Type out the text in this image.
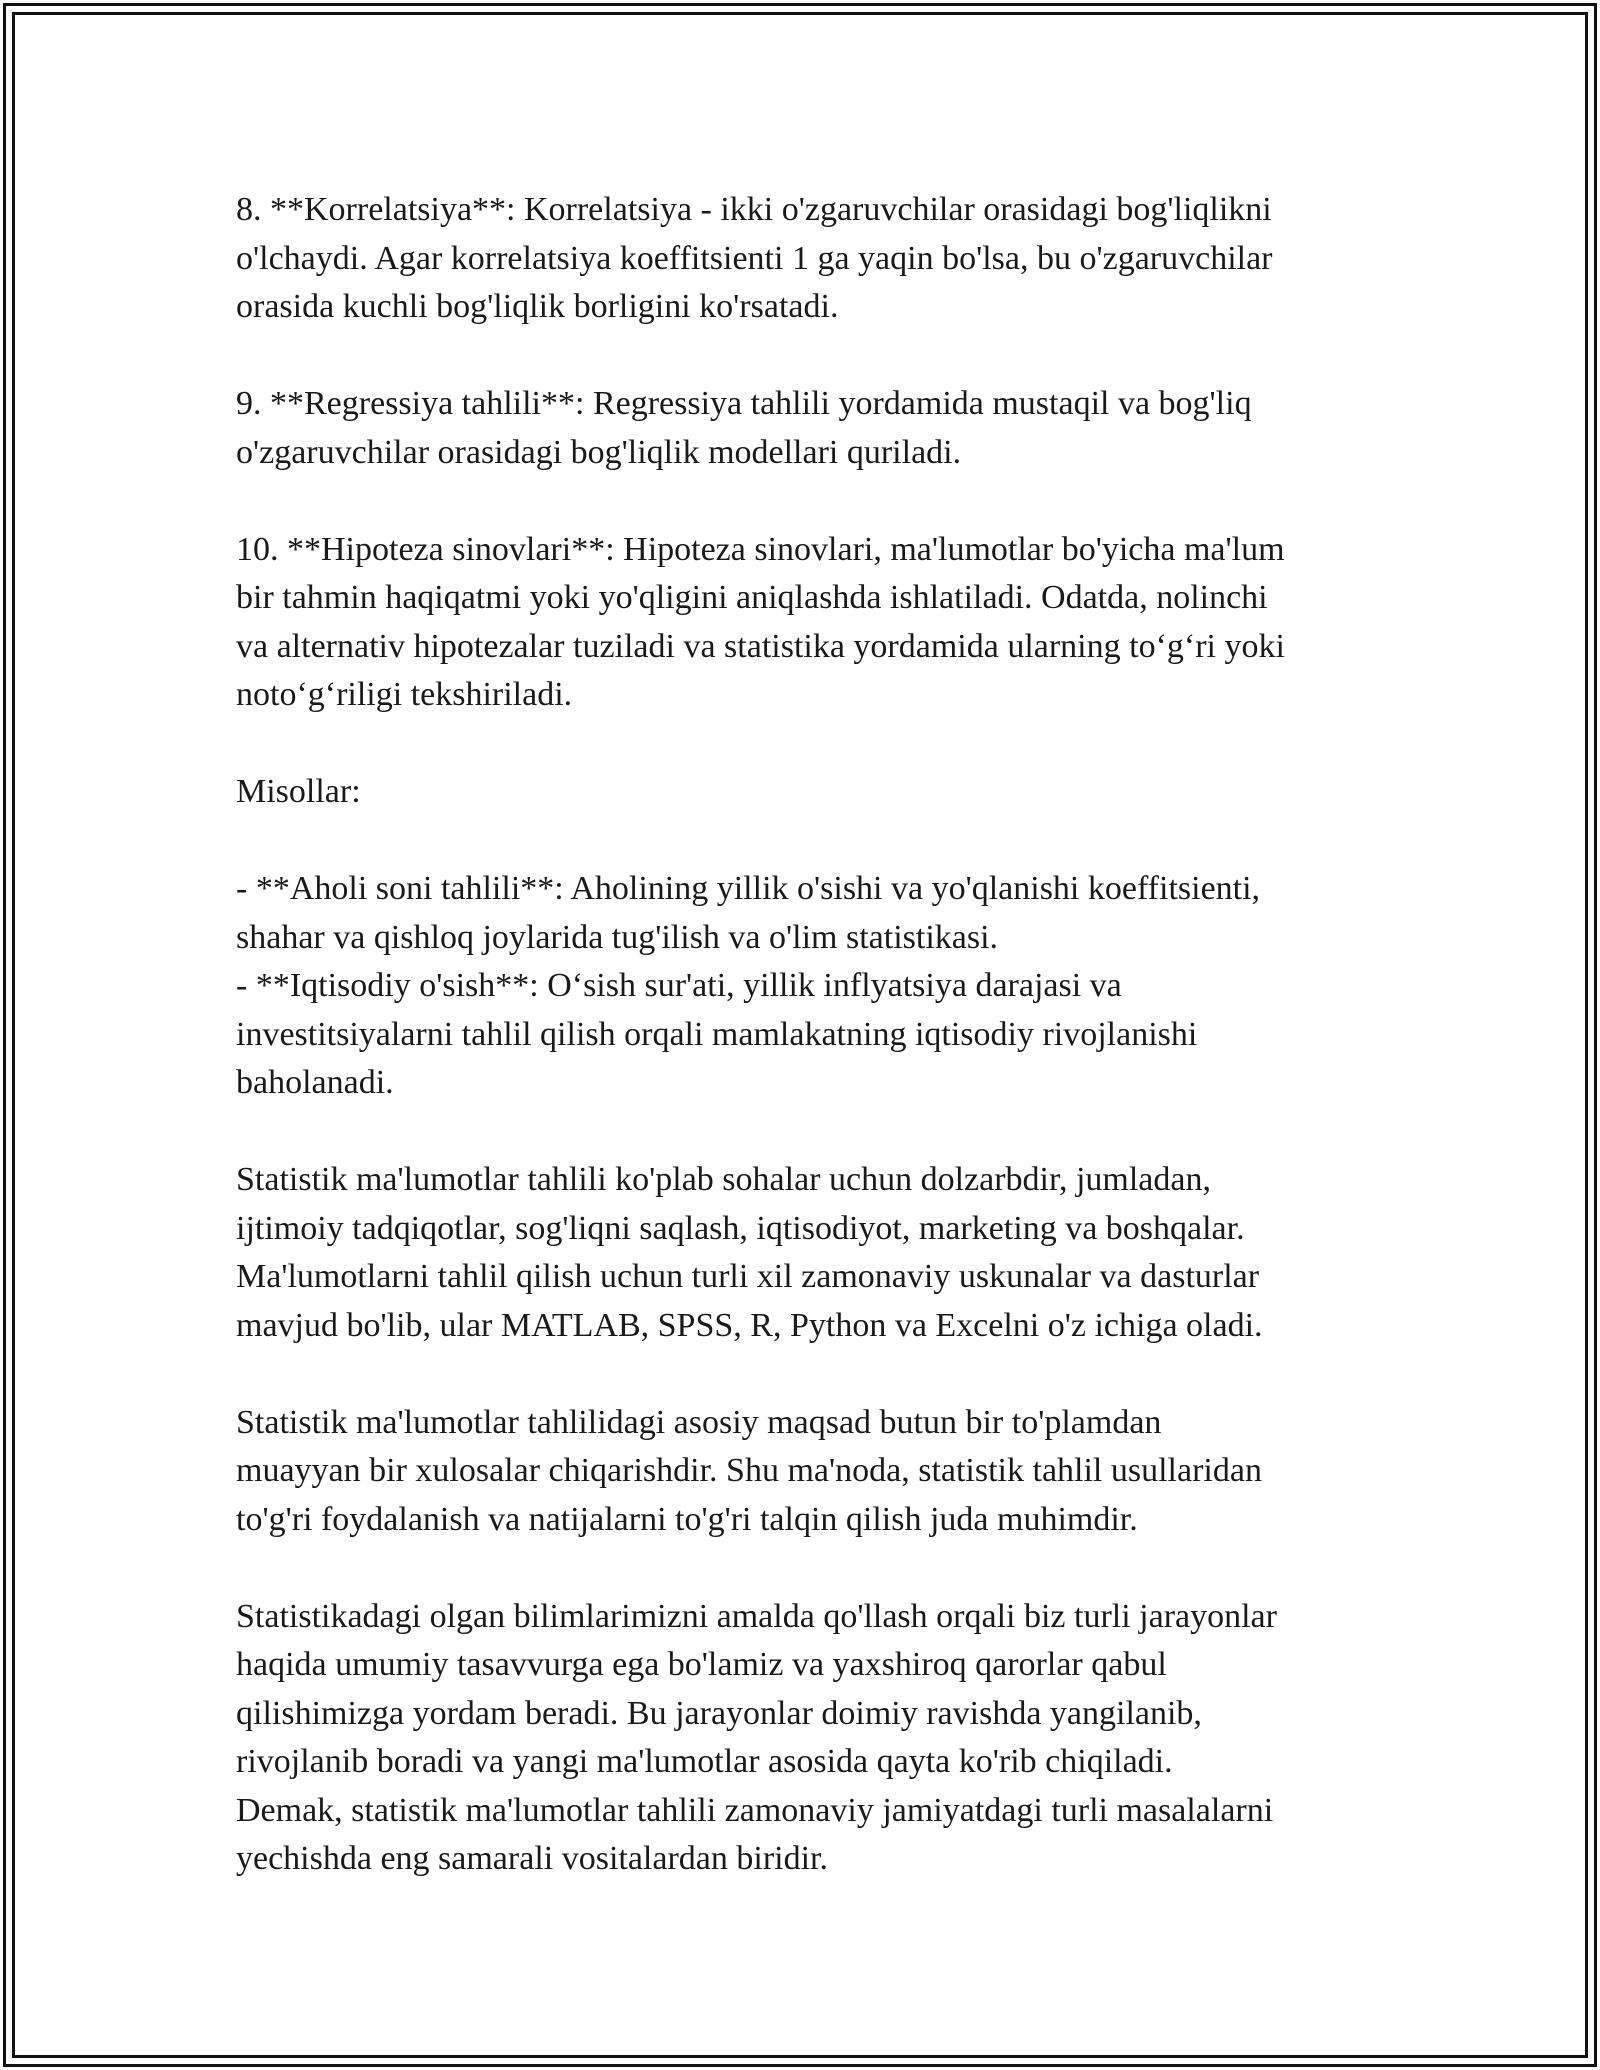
8. **Korrelatsiya**: Korrelatsiya - ikki o'zgaruvchilar orasidagi bog'liqlikni
o'lchaydi. Agar korrelatsiya koeffitsienti 1 ga yaqin bo'lsa, bu o'zgaruvchilar
orasida kuchli bog'liqlik borligini ko'rsatadi.

9. **Regressiya tahlili**: Regressiya tahlili yordamida mustaqil va bog'liq
o'zgaruvchilar orasidagi bog'liqlik modellari quriladi.

10. **Hipoteza sinovlari**: Hipoteza sinovlari, ma'lumotlar bo'yicha ma'lum
bir tahmin haqiqatmi yoki yo'qligini aniqlashda ishlatiladi. Odatda, nolinchi
va alternativ hipotezalar tuziladi va statistika yordamida ularning to‘g‘ri yoki
noto‘g‘riligi tekshiriladi.

Misollar:

- **Aholi soni tahlili**: Aholining yillik o'sishi va yo'qlanishi koeffitsienti,
shahar va qishloq joylarida tug'ilish va o'lim statistikasi.

- **Iqtisodiy o'sish**: O‘sish sur'ati, yillik inflyatsiya darajasi va
investitsiyalarni tahlil qilish orqali mamlakatning iqtisodiy rivojlanishi
baholanadi.

Statistik ma'lumotlar tahlili ko'plab sohalar uchun dolzarbdir, jumladan,
ijtimoiy tadqiqotlar, sog'liqni saqlash, iqtisodiyot, marketing va boshqalar.
Ma'lumotlarni tahlil qilish uchun turli xil zamonaviy uskunalar va dasturlar
mavjud bo'lib, ular MATLAB, SPSS, R, Python va Excelni o'z ichiga oladi.

Statistik ma'lumotlar tahlilidagi asosiy maqsad butun bir to'plamdan
muayyan bir xulosalar chiqarishdir. Shu ma'noda, statistik tahlil usullaridan
to'g'ri foydalanish va natijalarni to'g'ri talqin qilish juda muhimdir.

Statistikadagi olgan bilimlarimizni amalda qo'llash orqali biz turli jarayonlar
haqida umumiy tasavvurga ega bo'lamiz va yaxshiroq qarorlar qabul
qilishimizga yordam beradi. Bu jarayonlar doimiy ravishda yangilanib,
rivojlanib boradi va yangi ma'lumotlar asosida qayta ko'rib chiqiladi.
Demak, statistik ma'lumotlar tahlili zamonaviy jamiyatdagi turli masalalarni
yechishda eng samarali vositalardan biridir.
